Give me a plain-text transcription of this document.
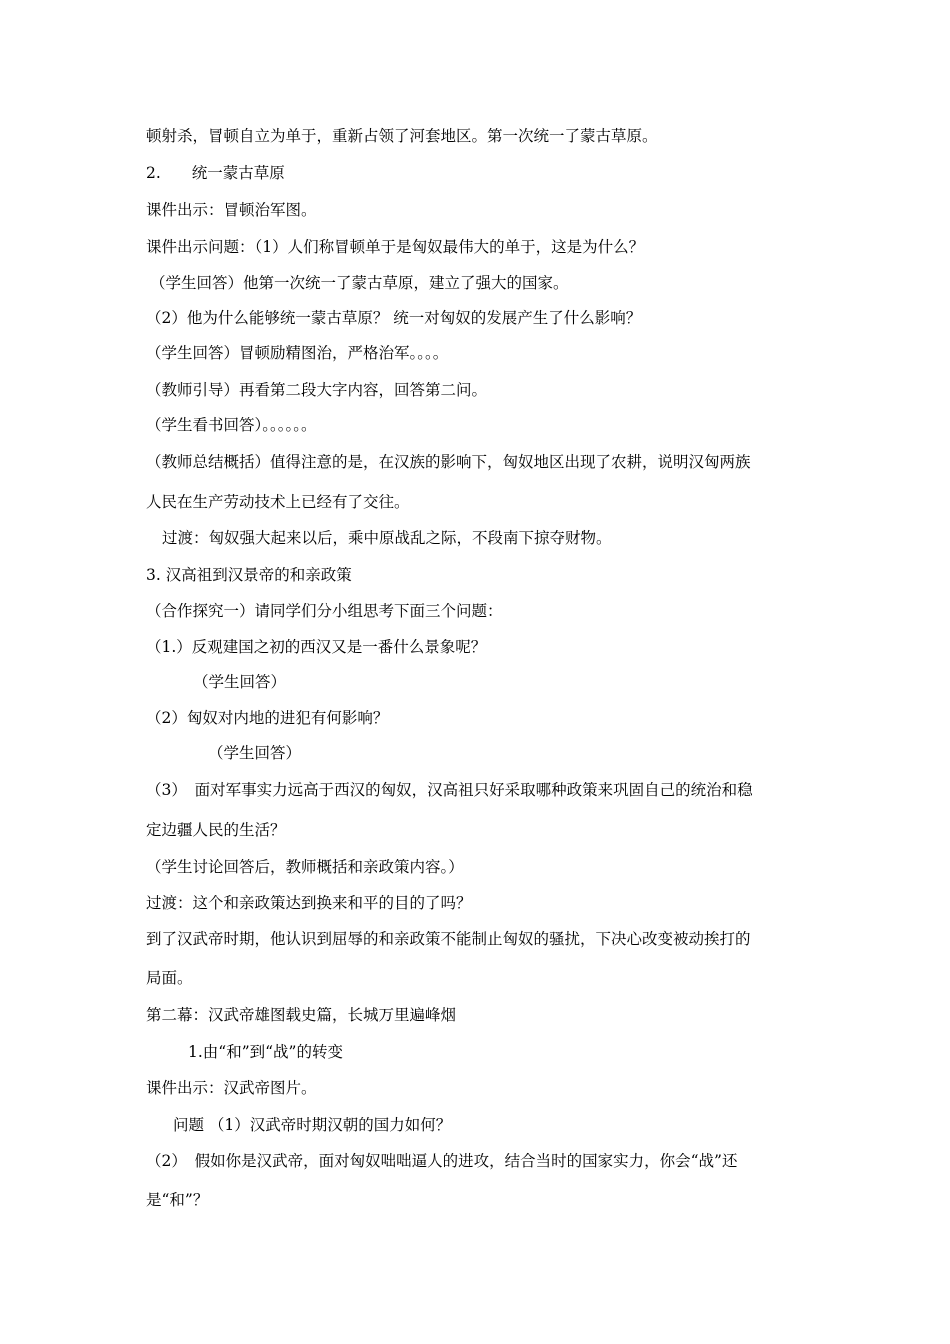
顿射杀，冒顿自立为单于，重新占领了河套地区。第一次统一了蒙古草原。
2.　　统一蒙古草原
课件出示：冒顿治军图。
课件出示问题：（1）人们称冒顿单于是匈奴最伟大的单于，这是为什么？
（学生回答）他第一次统一了蒙古草原，建立了强大的国家。
（2）他为什么能够统一蒙古草原？ 统一对匈奴的发展产生了什么影响？
（学生回答）冒顿励精图治，严格治军。。。。
（教师引导）再看第二段大字内容，回答第二问。
（学生看书回答）。。。。。。
（教师总结概括）值得注意的是，在汉族的影响下，匈奴地区出现了农耕，说明汉匈两族
人民在生产劳动技术上已经有了交往。
过渡：匈奴强大起来以后，乘中原战乱之际，不段南下掠夺财物。
3. 汉高祖到汉景帝的和亲政策
（合作探究一）请同学们分小组思考下面三个问题：
（1.）反观建国之初的西汉又是一番什么景象呢？
（学生回答）
（2）匈奴对内地的进犯有何影响？
（学生回答）
（3）　面对军事实力远高于西汉的匈奴，汉高祖只好采取哪种政策来巩固自己的统治和稳
定边疆人民的生活？
（学生讨论回答后，教师概括和亲政策内容。）
过渡：这个和亲政策达到换来和平的目的了吗？
到了汉武帝时期，他认识到屈辱的和亲政策不能制止匈奴的骚扰，下决心改变被动挨打的
局面。
第二幕：汉武帝雄图载史篇，长城万里遍峰烟
1.由“和”到“战”的转变
课件出示：汉武帝图片。
问题 （1）汉武帝时期汉朝的国力如何？
（2）　假如你是汉武帝，面对匈奴咄咄逼人的进攻，结合当时的国家实力，你会“战”还
是“和”？
